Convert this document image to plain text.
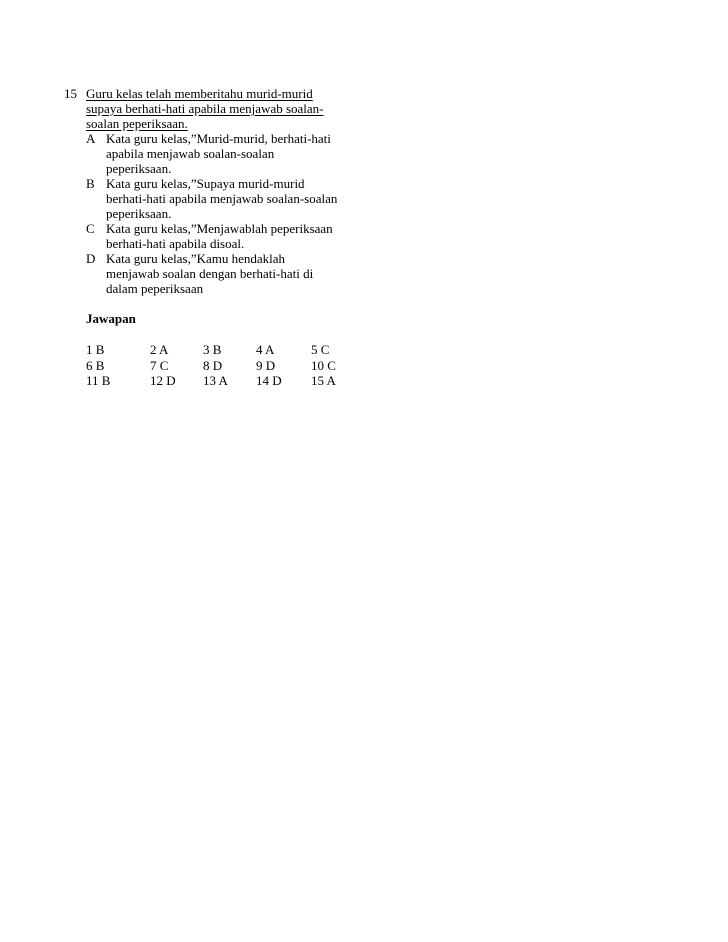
15 Guru kelas telah memberitahu murid-murid
supaya berhati-hati apabila menjawab soalan-
soalan peperiksaan.
A Kata guru kelas,”Murid-murid, berhati-hati
apabila menjawab soalan-soalan
peperiksaan.
B Kata guru kelas,”Supaya murid-murid
berhati-hati apabila menjawab soalan-soalan
peperiksaan.
C Kata guru kelas,”Menjawablah peperiksaan
berhati-hati apabila disoal.
D Kata guru kelas,”Kamu hendaklah
menjawab soalan dengan berhati-hati di
dalam peperiksaan
Jawapan
1 B	2 A	3 B	4 A	5 C
6 B	7 C	8 D	9 D	10 C
11 B	12 D	13 A	14 D	15 A
